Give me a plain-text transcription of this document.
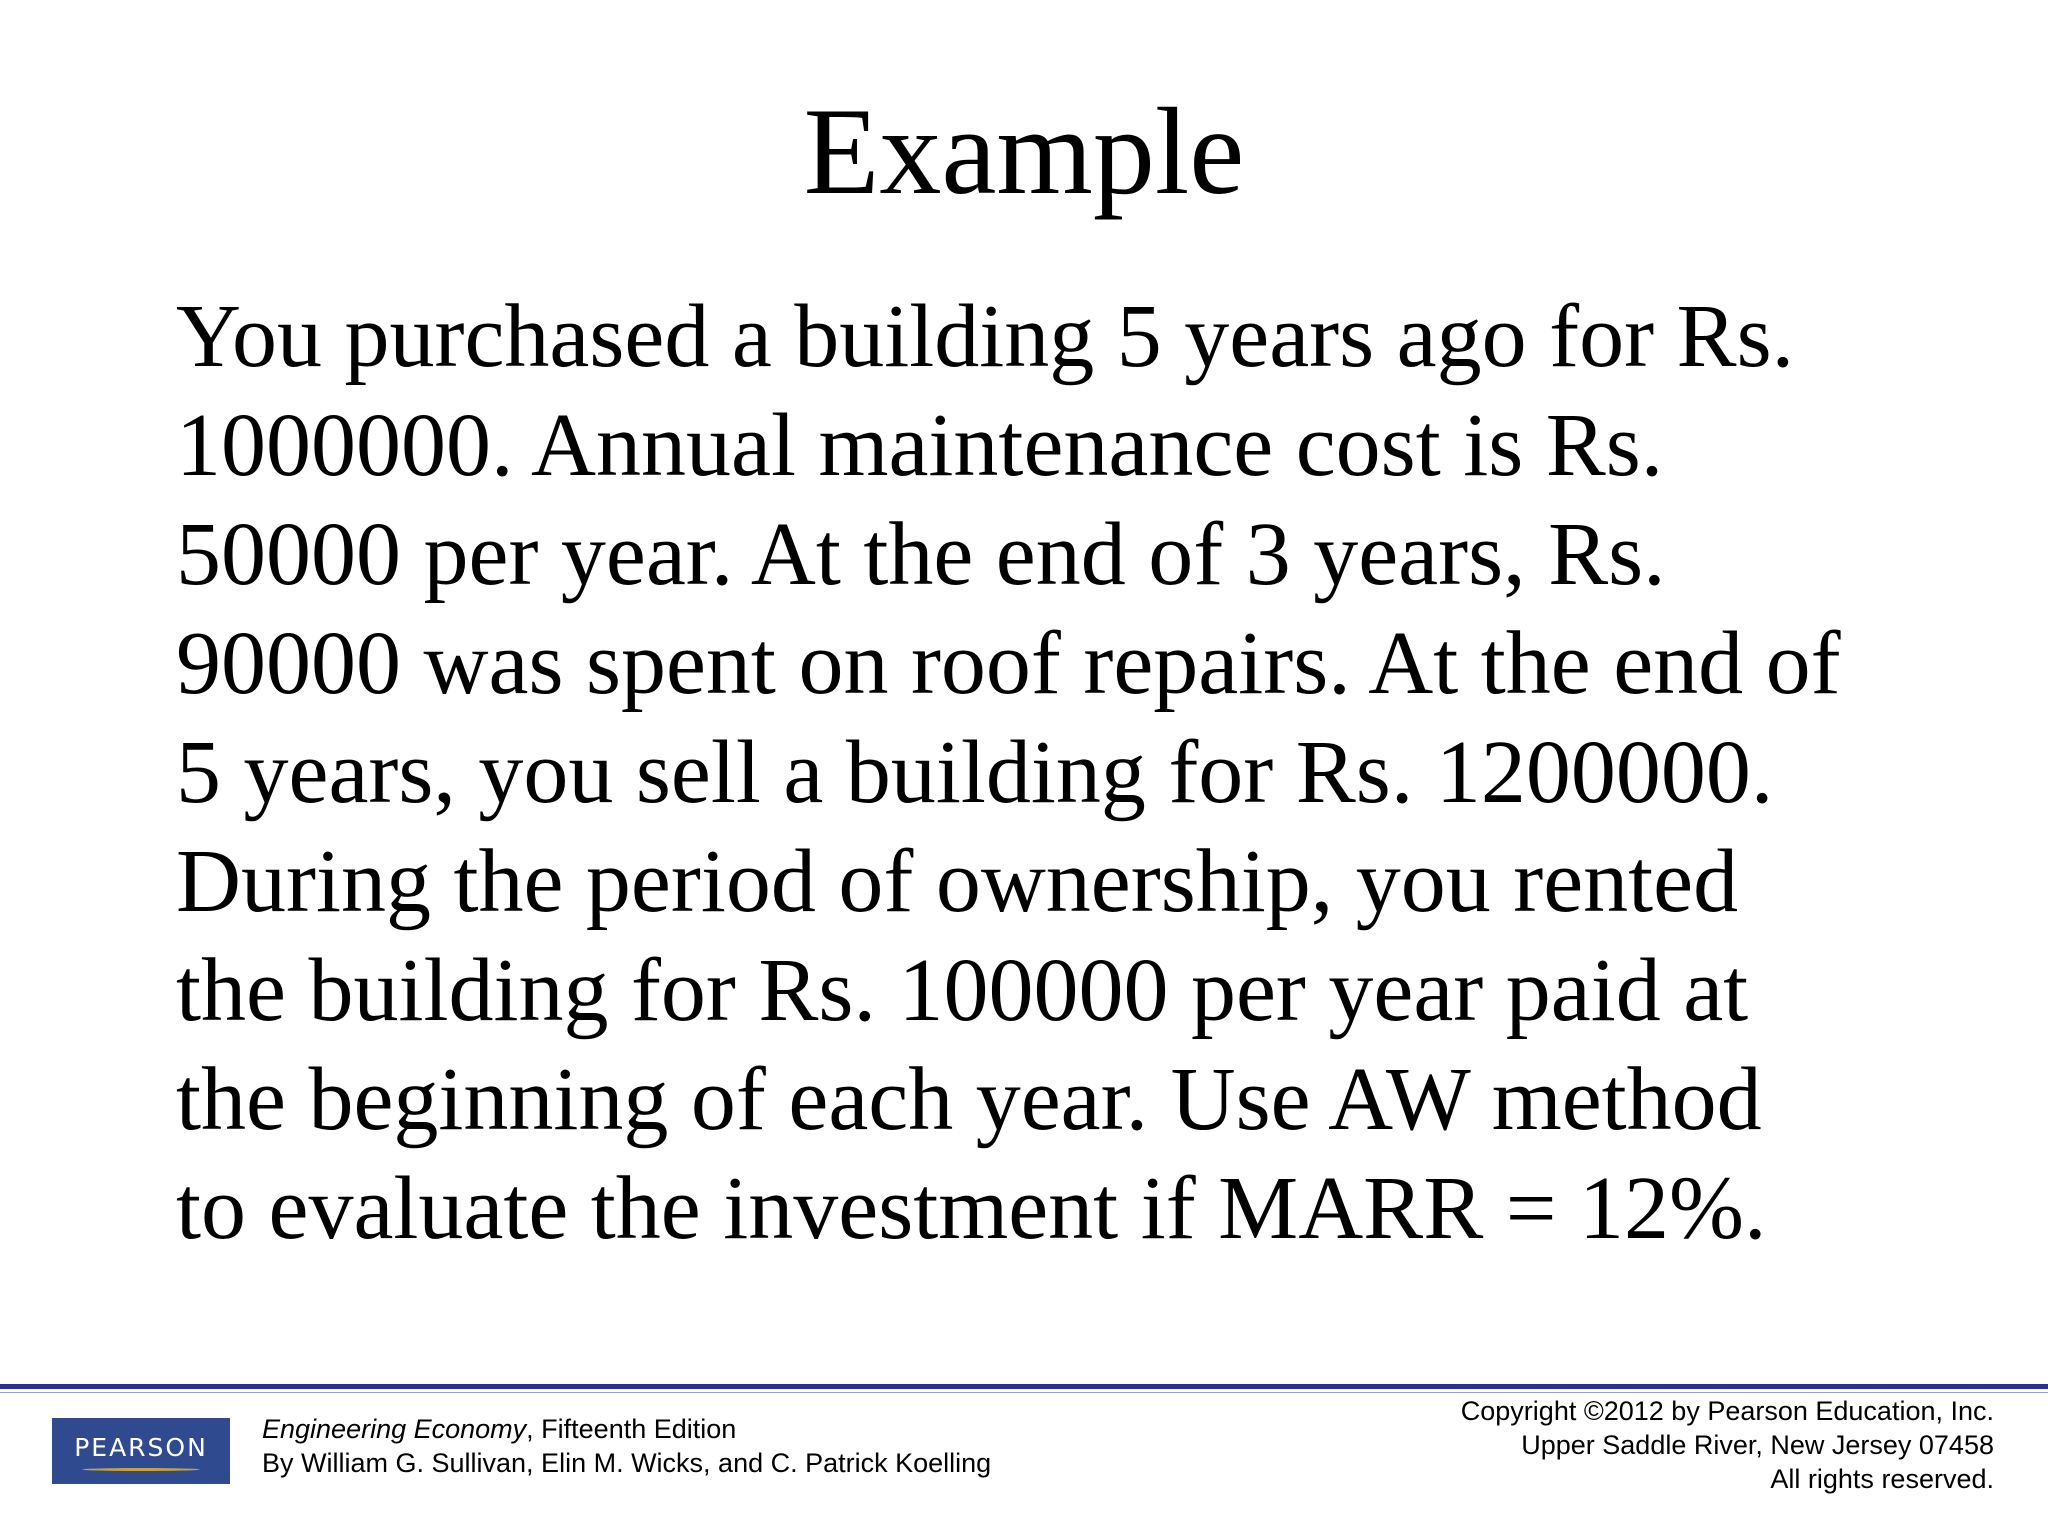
Example
You purchased a building 5 years ago for Rs.
1000000. Annual maintenance cost is Rs.
50000 per year. At the end of 3 years, Rs.
90000 was spent on roof repairs. At the end of
5 years, you sell a building for Rs. 1200000.
During the period of ownership, you rented
the building for Rs. 100000 per year paid at
the beginning of each year. Use AW method
to evaluate the investment if MARR = 12%.
PEARSON
Engineering Economy, Fifteenth Edition
By William G. Sullivan, Elin M. Wicks, and C. Patrick Koelling
Copyright ©2012 by Pearson Education, Inc.
Upper Saddle River, New Jersey 07458
All rights reserved.
